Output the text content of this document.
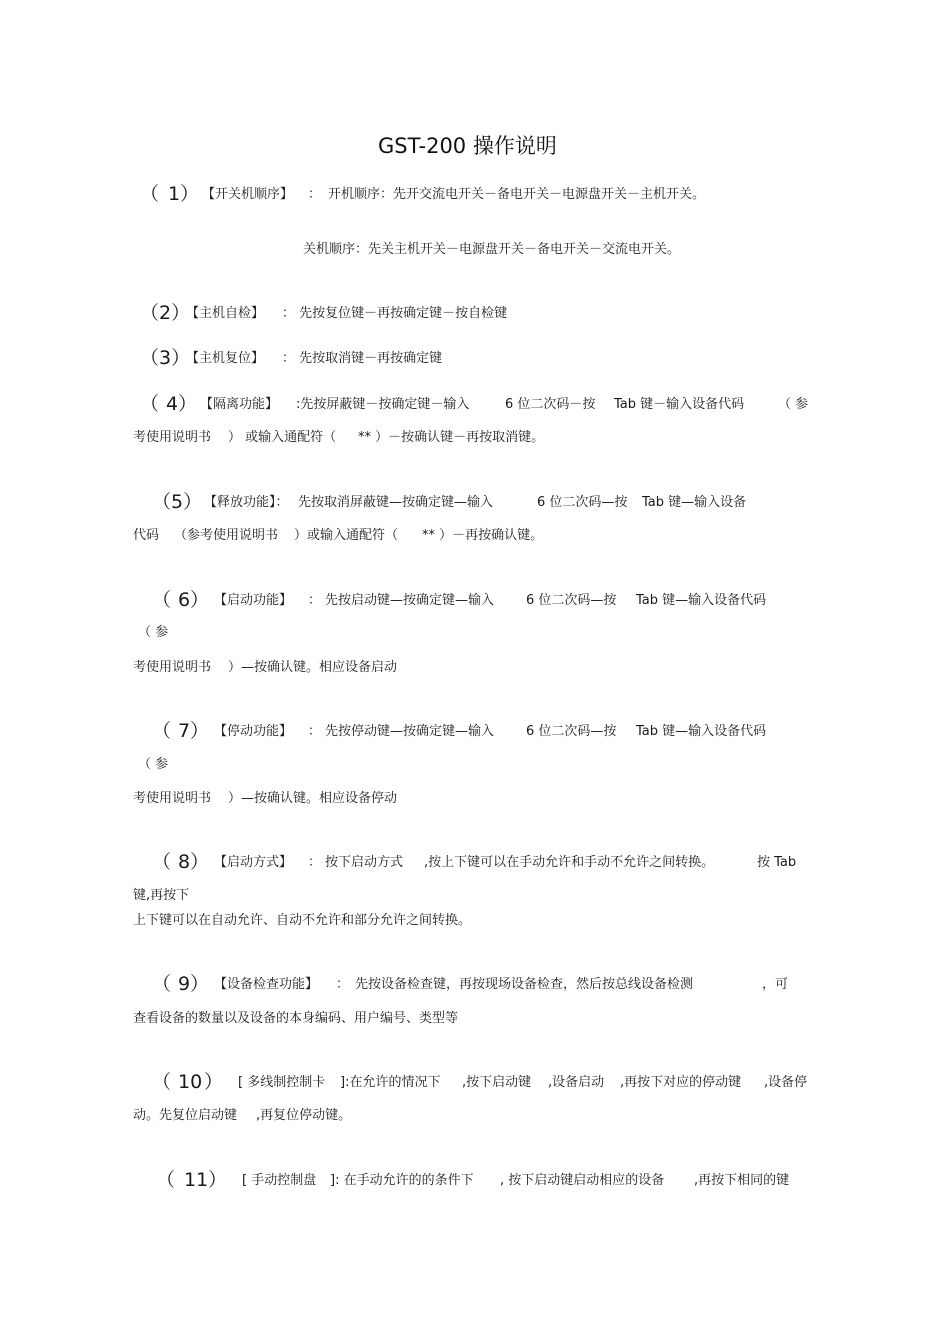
GST-200 操作说明
（ 1 ） 【开关机顺序】 ： 开机顺序：先开交流电开关－备电开关－电源盘开关－主机开关。
关机顺序：先关主机开关－电源盘开关－备电开关－交流电开关。
（2）
【主机自检】 ： 先按复位键－再按确定键－按自检键
（3）
【主机复位】 ： 先按取消键－再按确定键
（ 4 ） 【隔离功能】 :先按屏蔽键－按确定键－输入	6 位二次码－按 Tab 键－输入设备代码	（ 参
考使用说明书 ） 或输入通配符（ ** ）－按确认键－再按取消键。
（5） 【释放功能】： 先按取消屏蔽键—按确定键—输入	6 位二次码—按 Tab 键—输入设备
代码 （参考使用说明书 ）或输入通配符（ ** ）－再按确认键。
（ 6 ） 【启动功能】 ： 先按启动键—按确定键—输入 6 位二次码—按 Tab 键—输入设备代码
（ 参
考使用说明书 ）—按确认键。相应设备启动
（ 7 ） 【停动功能】 ： 先按停动键—按确定键—输入 6 位二次码—按 Tab 键—输入设备代码
（ 参
考使用说明书 ）—按确认键。相应设备停动
（ 8 ） 【启动方式】 ： 按下启动方式 ,按上下键可以在手动允许和手动不允许之间转换。	按 Tab
键,再按下
上下键可以在自动允许、自动不允许和部分允许之间转换。
（ 9 ） 【设备检查功能】 ： 先按设备检查键，再按现场设备检查，然后按总线设备检测	，可
查看设备的数量以及设备的本身编码、用户编号、类型等
（ 10 ） [ 多线制控制卡 ]:在允许的情况下 ,按下启动键 ,设备启动 ,再按下对应的停动键 ,设备停
动。先复位启动键 ,再复位停动键。
（ 11 ） [ 手动控制盘 ]: 在手动允许的的条件下 , 按下启动键启动相应的设备 ,再按下相同的键
